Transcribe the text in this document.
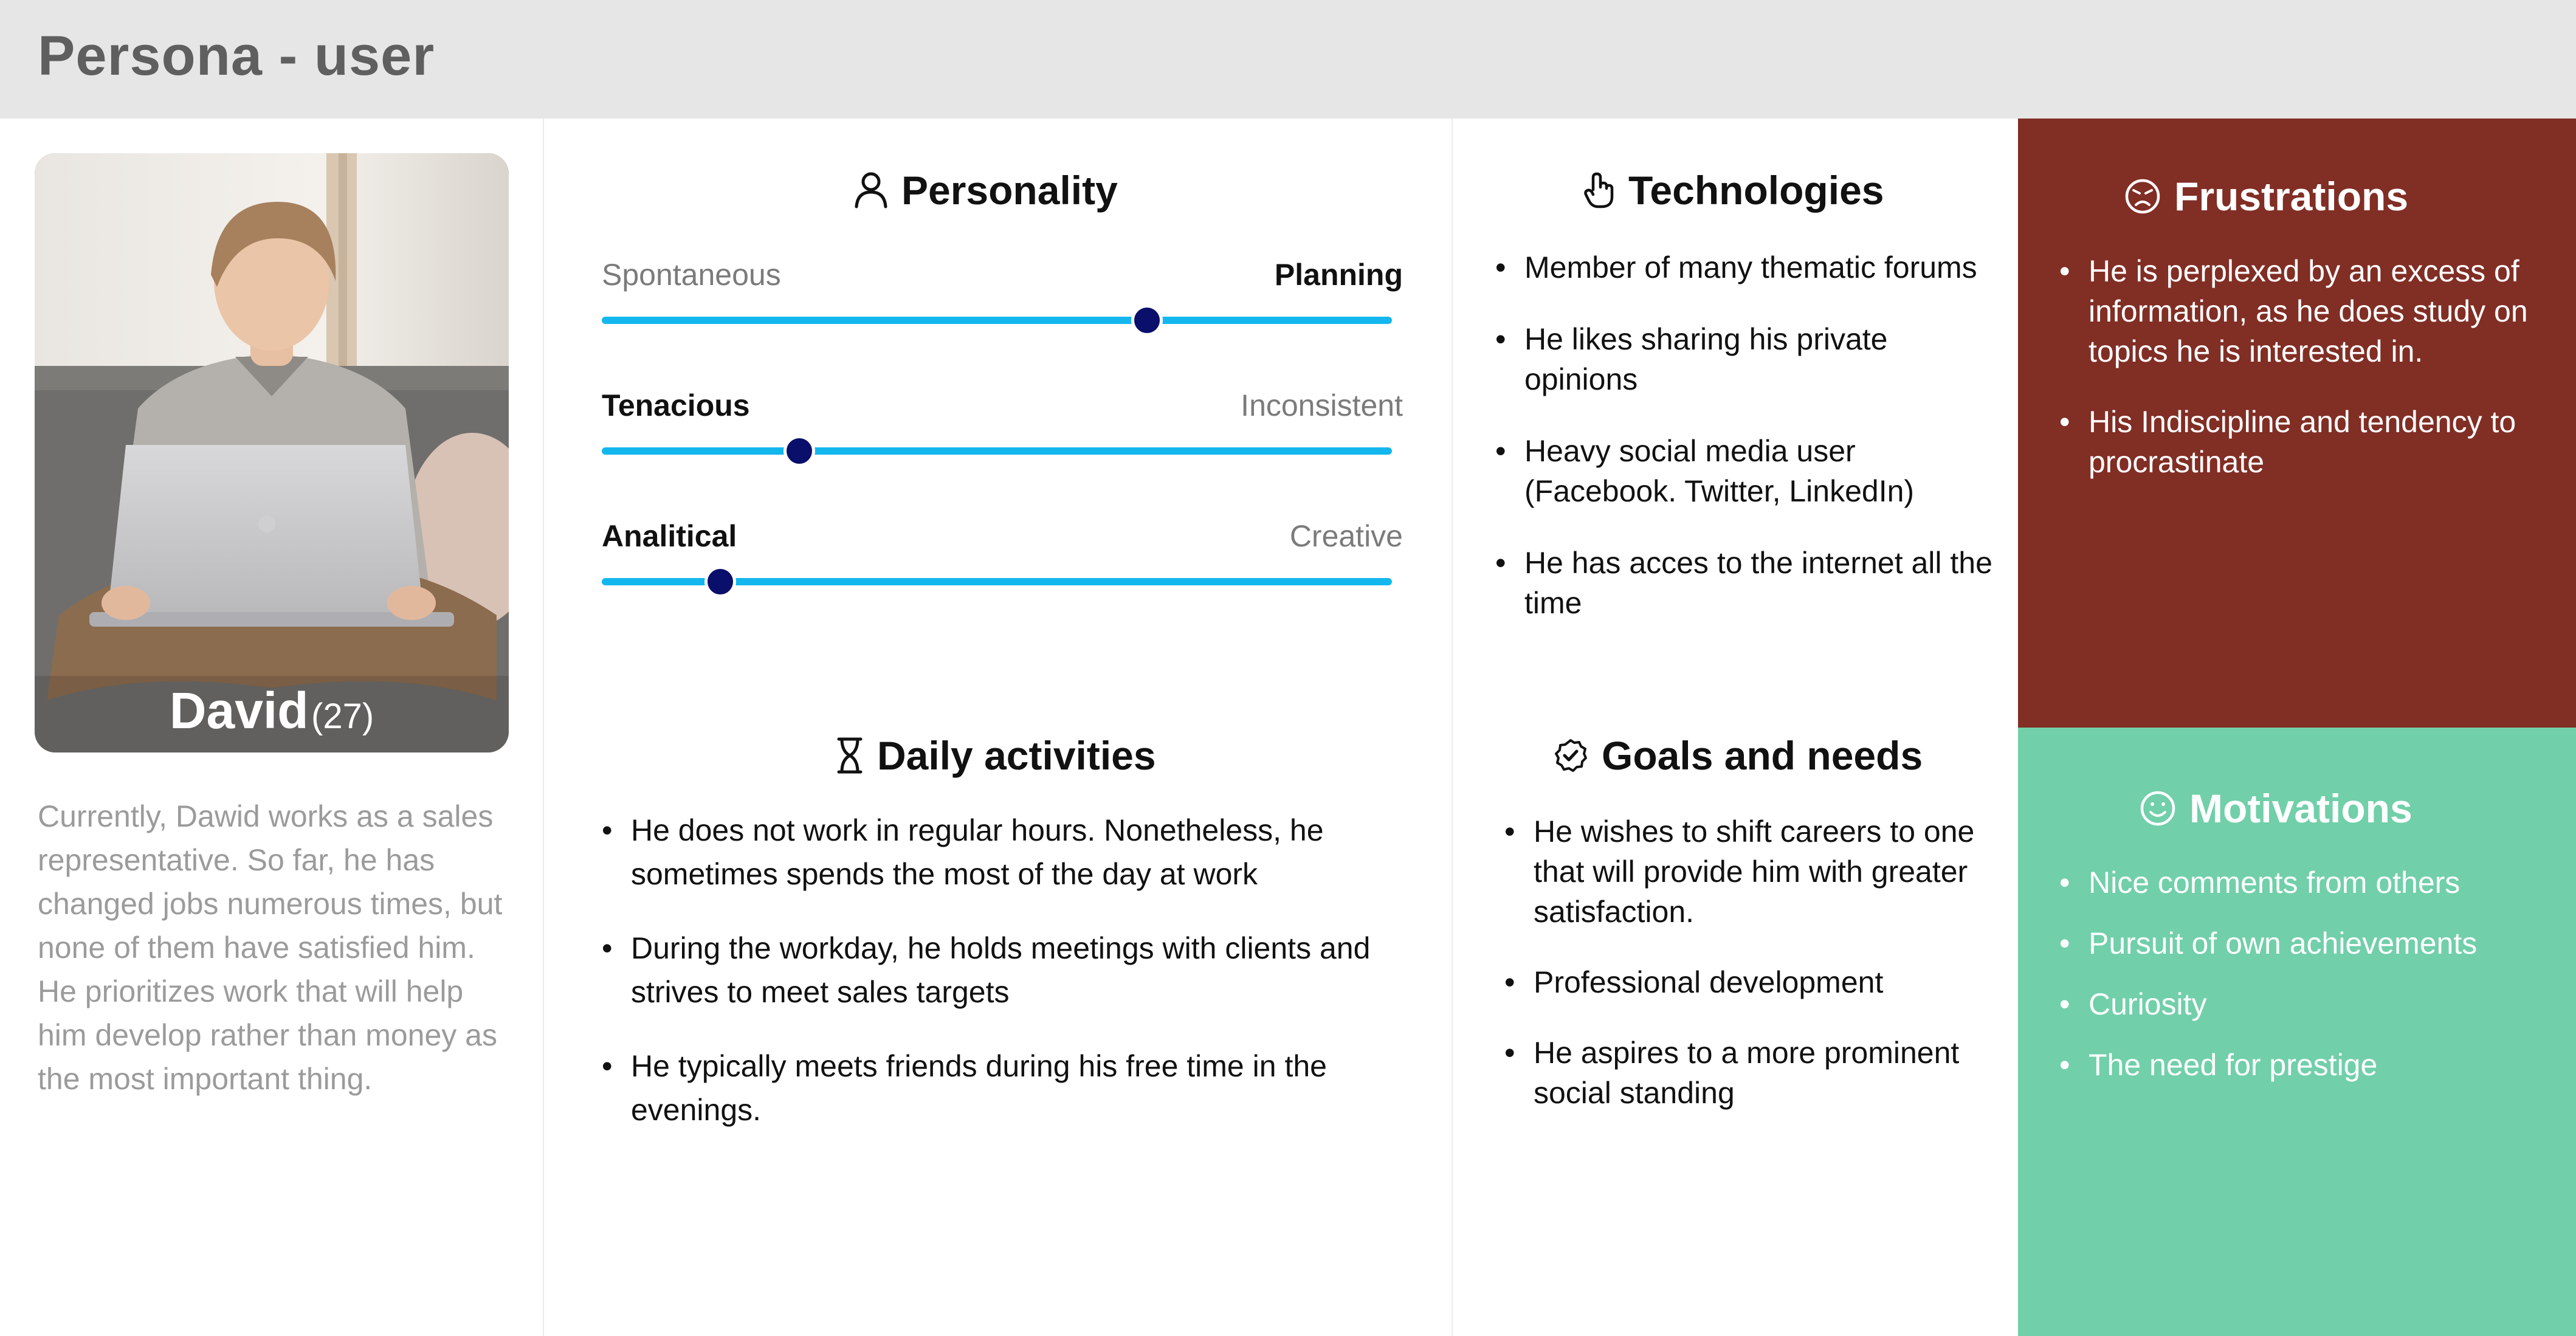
Persona - user
David (27)

Currently, Dawid works as a sales representative. So far, he has changed jobs numerous times, but none of them have satisfied him. He prioritizes work that will help him develop rather than money as the most important thing.

Personality
Spontaneous	Planning
Tenacious	Inconsistent
Analitical	Creative
Daily activities
• He does not work in regular hours. Nonetheless, he sometimes spends the most of the day at work
• During the workday, he holds meetings with clients and strives to meet sales targets
• He typically meets friends during his free time in the evenings.
Technologies
• Member of many thematic forums
• He likes sharing his private opinions
• Heavy social media user (Facebook. Twitter, LinkedIn)
• He has acces to the internet all the time
Goals and needs
• He wishes to shift careers to one that will provide him with greater satisfaction.
• Professional development
• He aspires to a more prominent social standing
Frustrations
• He is perplexed by an excess of information, as he does study on topics he is interested in.
• His Indiscipline and tendency to procrastinate
Motivations
• Nice comments from others
• Pursuit of own achievements
• Curiosity
• The need for prestige
